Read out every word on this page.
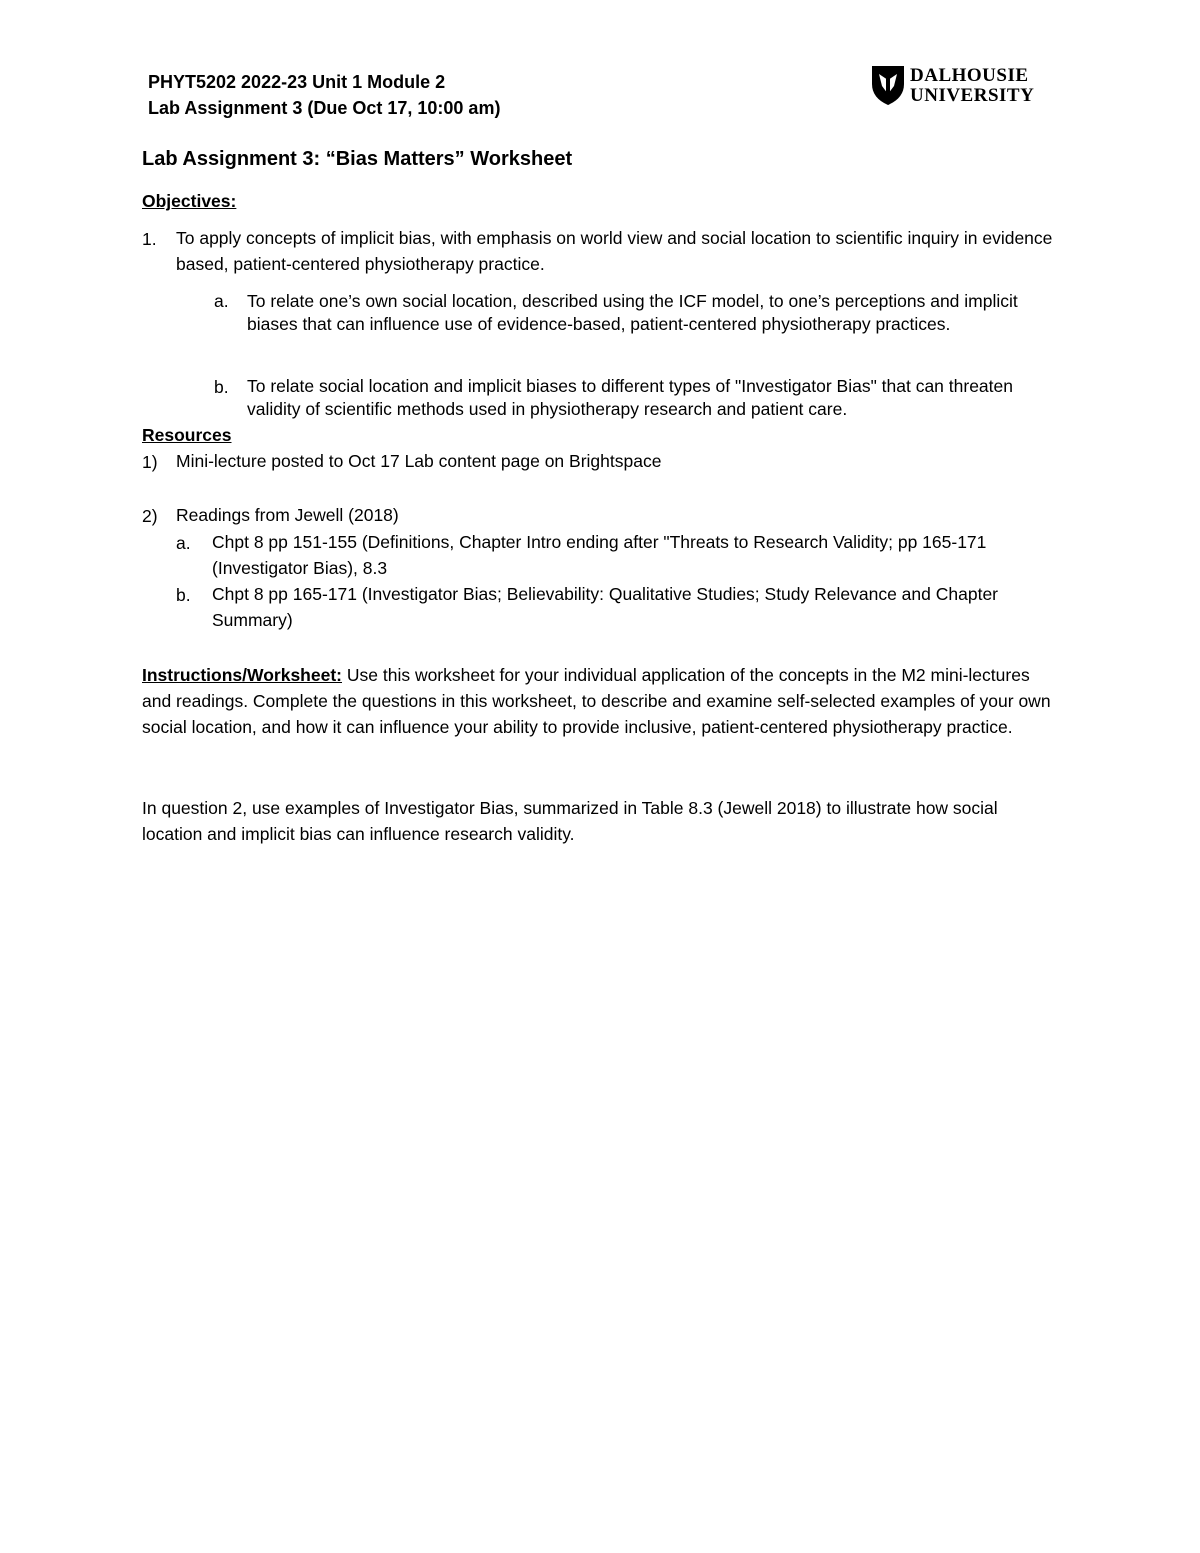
PHYT5202 2022-23 Unit 1 Module 2
Lab Assignment 3 (Due Oct 17, 10:00 am)
DALHOUSIE
UNIVERSITY
Lab Assignment 3: “Bias Matters” Worksheet
Objectives:
1. To apply concepts of implicit bias, with emphasis on world view and social location to scientific inquiry in evidence based, patient-centered physiotherapy practice.
a. To relate one’s own social location, described using the ICF model, to one’s perceptions and implicit biases that can influence use of evidence-based, patient-centered physiotherapy practices.
b. To relate social location and implicit biases to different types of "Investigator Bias" that can threaten validity of scientific methods used in physiotherapy research and patient care.
Resources
1) Mini-lecture posted to Oct 17 Lab content page on Brightspace
2) Readings from Jewell (2018)
a. Chpt 8 pp 151-155 (Definitions, Chapter Intro ending after "Threats to Research Validity; pp 165-171 (Investigator Bias), 8.3
b. Chpt 8 pp 165-171 (Investigator Bias; Believability: Qualitative Studies; Study Relevance and Chapter Summary)
Instructions/Worksheet: Use this worksheet for your individual application of the concepts in the M2 mini-lectures and readings. Complete the questions in this worksheet, to describe and examine self-selected examples of your own social location, and how it can influence your ability to provide inclusive, patient-centered physiotherapy practice.
In question 2, use examples of Investigator Bias, summarized in Table 8.3 (Jewell 2018) to illustrate how social location and implicit bias can influence research validity.
